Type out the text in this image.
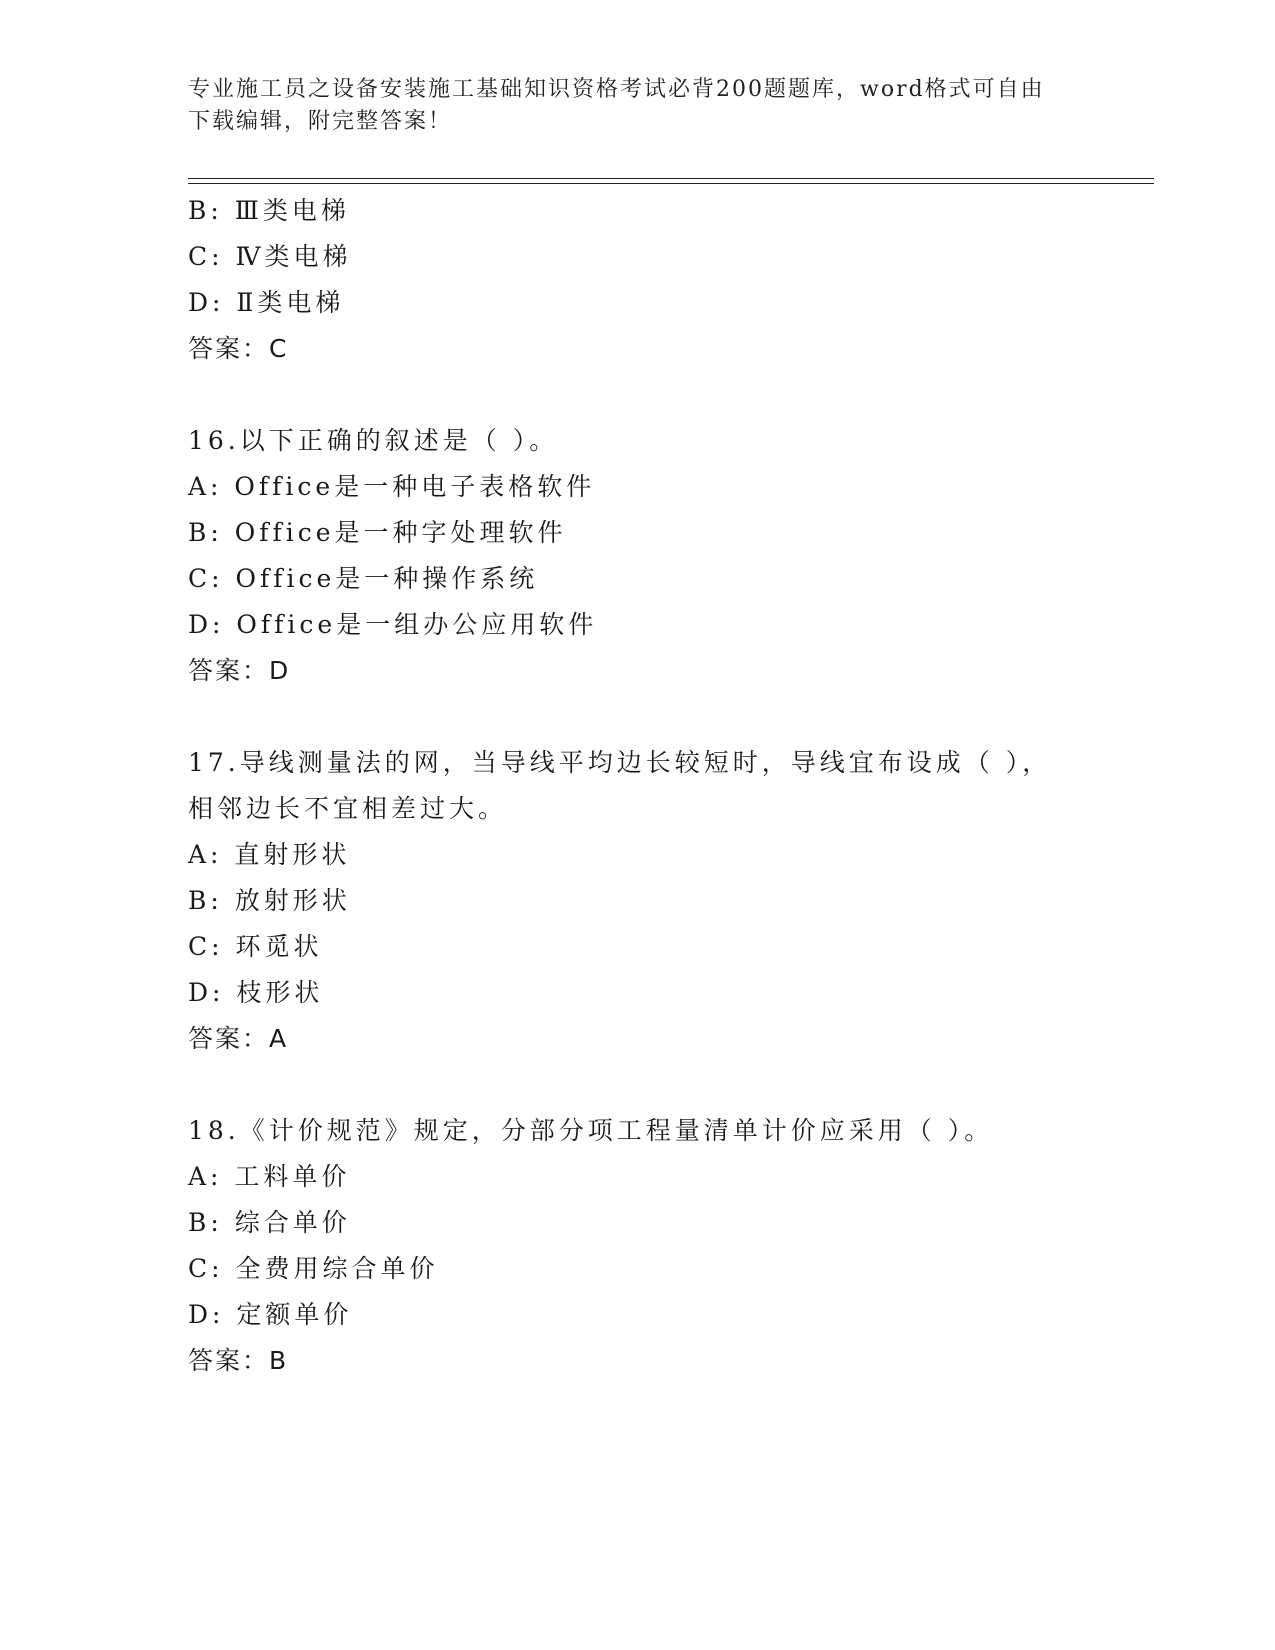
专业施工员之设备安装施工基础知识资格考试必背200题题库，word格式可自由下载编辑，附完整答案！
B: Ⅲ类电梯
C: Ⅳ类电梯
D: Ⅱ类电梯
答案：C
16.以下正确的叙述是（ ）。
A: Office是一种电子表格软件
B: Office是一种字处理软件
C: Office是一种操作系统
D: Office是一组办公应用软件
答案：D
17.导线测量法的网，当导线平均边长较短时，导线宜布设成（ ），相邻边长不宜相差过大。
A: 直射形状
B: 放射形状
C: 环觅状
D: 枝形状
答案：A
18.《计价规范》规定，分部分项工程量清单计价应采用（ ）。
A: 工料单价
B: 综合单价
C: 全费用综合单价
D: 定额单价
答案：B
